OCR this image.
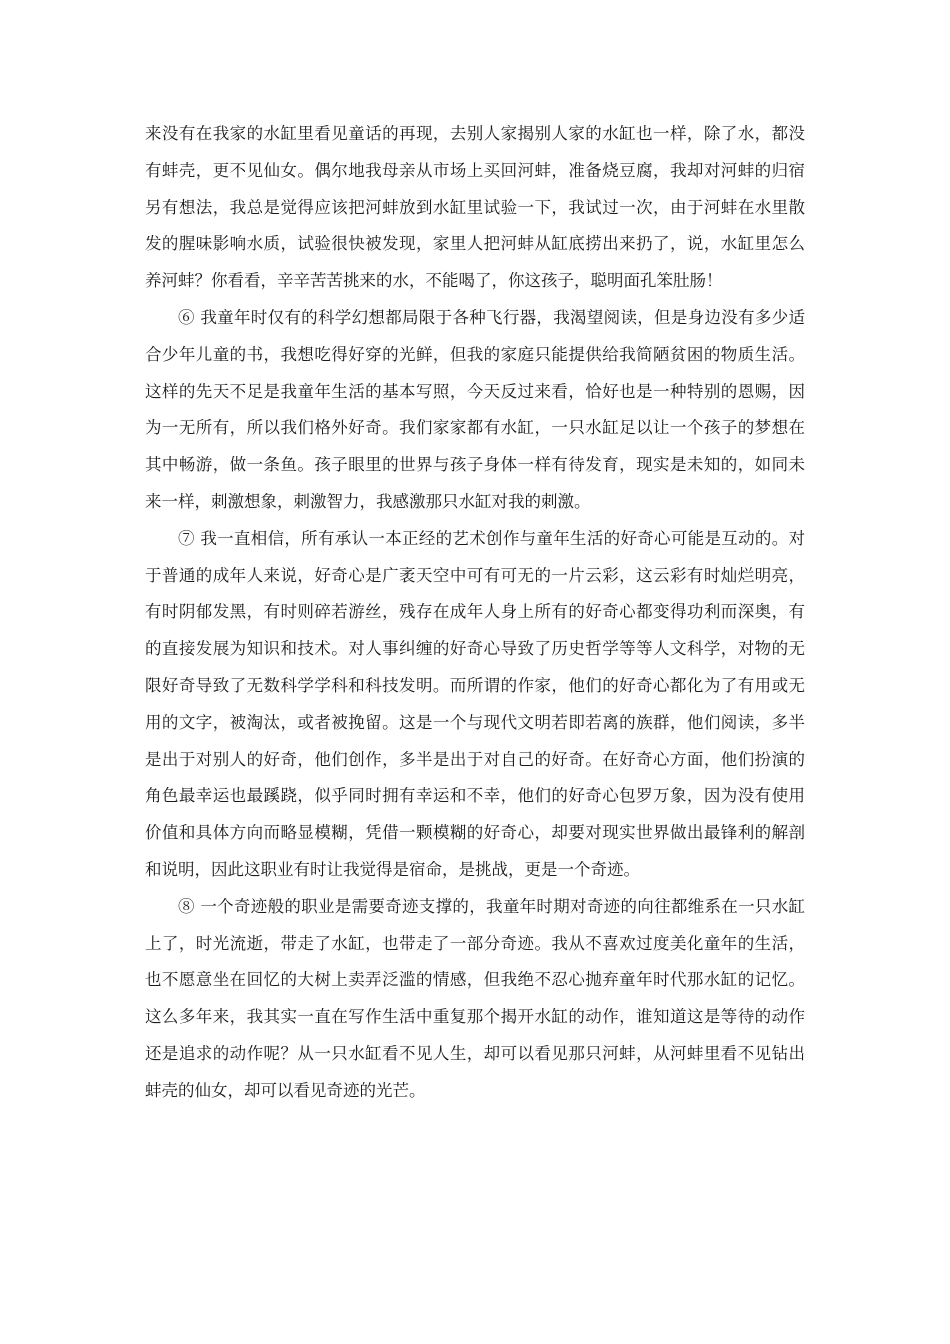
来没有在我家的水缸里看见童话的再现，去别人家揭别人家的水缸也一样，除了水，都没
有蚌壳，更不见仙女。偶尔地我母亲从市场上买回河蚌，准备烧豆腐，我却对河蚌的归宿
另有想法，我总是觉得应该把河蚌放到水缸里试验一下，我试过一次，由于河蚌在水里散
发的腥味影响水质，试验很快被发现，家里人把河蚌从缸底捞出来扔了，说，水缸里怎么
养河蚌？你看看，辛辛苦苦挑来的水，不能喝了，你这孩子，聪明面孔笨肚肠！
⑥ 我童年时仅有的科学幻想都局限于各种飞行器，我渴望阅读，但是身边没有多少适
合少年儿童的书，我想吃得好穿的光鲜，但我的家庭只能提供给我简陋贫困的物质生活。
这样的先天不足是我童年生活的基本写照，今天反过来看，恰好也是一种特别的恩赐，因
为一无所有，所以我们格外好奇。我们家家都有水缸，一只水缸足以让一个孩子的梦想在
其中畅游，做一条鱼。孩子眼里的世界与孩子身体一样有待发育，现实是未知的，如同未
来一样，刺激想象，刺激智力，我感激那只水缸对我的刺激。
⑦ 我一直相信，所有承认一本正经的艺术创作与童年生活的好奇心可能是互动的。对
于普通的成年人来说，好奇心是广袤天空中可有可无的一片云彩，这云彩有时灿烂明亮，
有时阴郁发黑，有时则碎若游丝，残存在成年人身上所有的好奇心都变得功利而深奥，有
的直接发展为知识和技术。对人事纠缠的好奇心导致了历史哲学等等人文科学，对物的无
限好奇导致了无数科学学科和科技发明。而所谓的作家，他们的好奇心都化为了有用或无
用的文字，被淘汰，或者被挽留。这是一个与现代文明若即若离的族群，他们阅读，多半
是出于对别人的好奇，他们创作，多半是出于对自己的好奇。在好奇心方面，他们扮演的
角色最幸运也最蹊跷，似乎同时拥有幸运和不幸，他们的好奇心包罗万象，因为没有使用
价值和具体方向而略显模糊，凭借一颗模糊的好奇心，却要对现实世界做出最锋利的解剖
和说明，因此这职业有时让我觉得是宿命，是挑战，更是一个奇迹。
⑧ 一个奇迹般的职业是需要奇迹支撑的，我童年时期对奇迹的向往都维系在一只水缸
上了，时光流逝，带走了水缸，也带走了一部分奇迹。我从不喜欢过度美化童年的生活，
也不愿意坐在回忆的大树上卖弄泛滥的情感，但我绝不忍心抛弃童年时代那水缸的记忆。
这么多年来，我其实一直在写作生活中重复那个揭开水缸的动作，谁知道这是等待的动作
还是追求的动作呢？从一只水缸看不见人生，却可以看见那只河蚌，从河蚌里看不见钻出
蚌壳的仙女，却可以看见奇迹的光芒。
